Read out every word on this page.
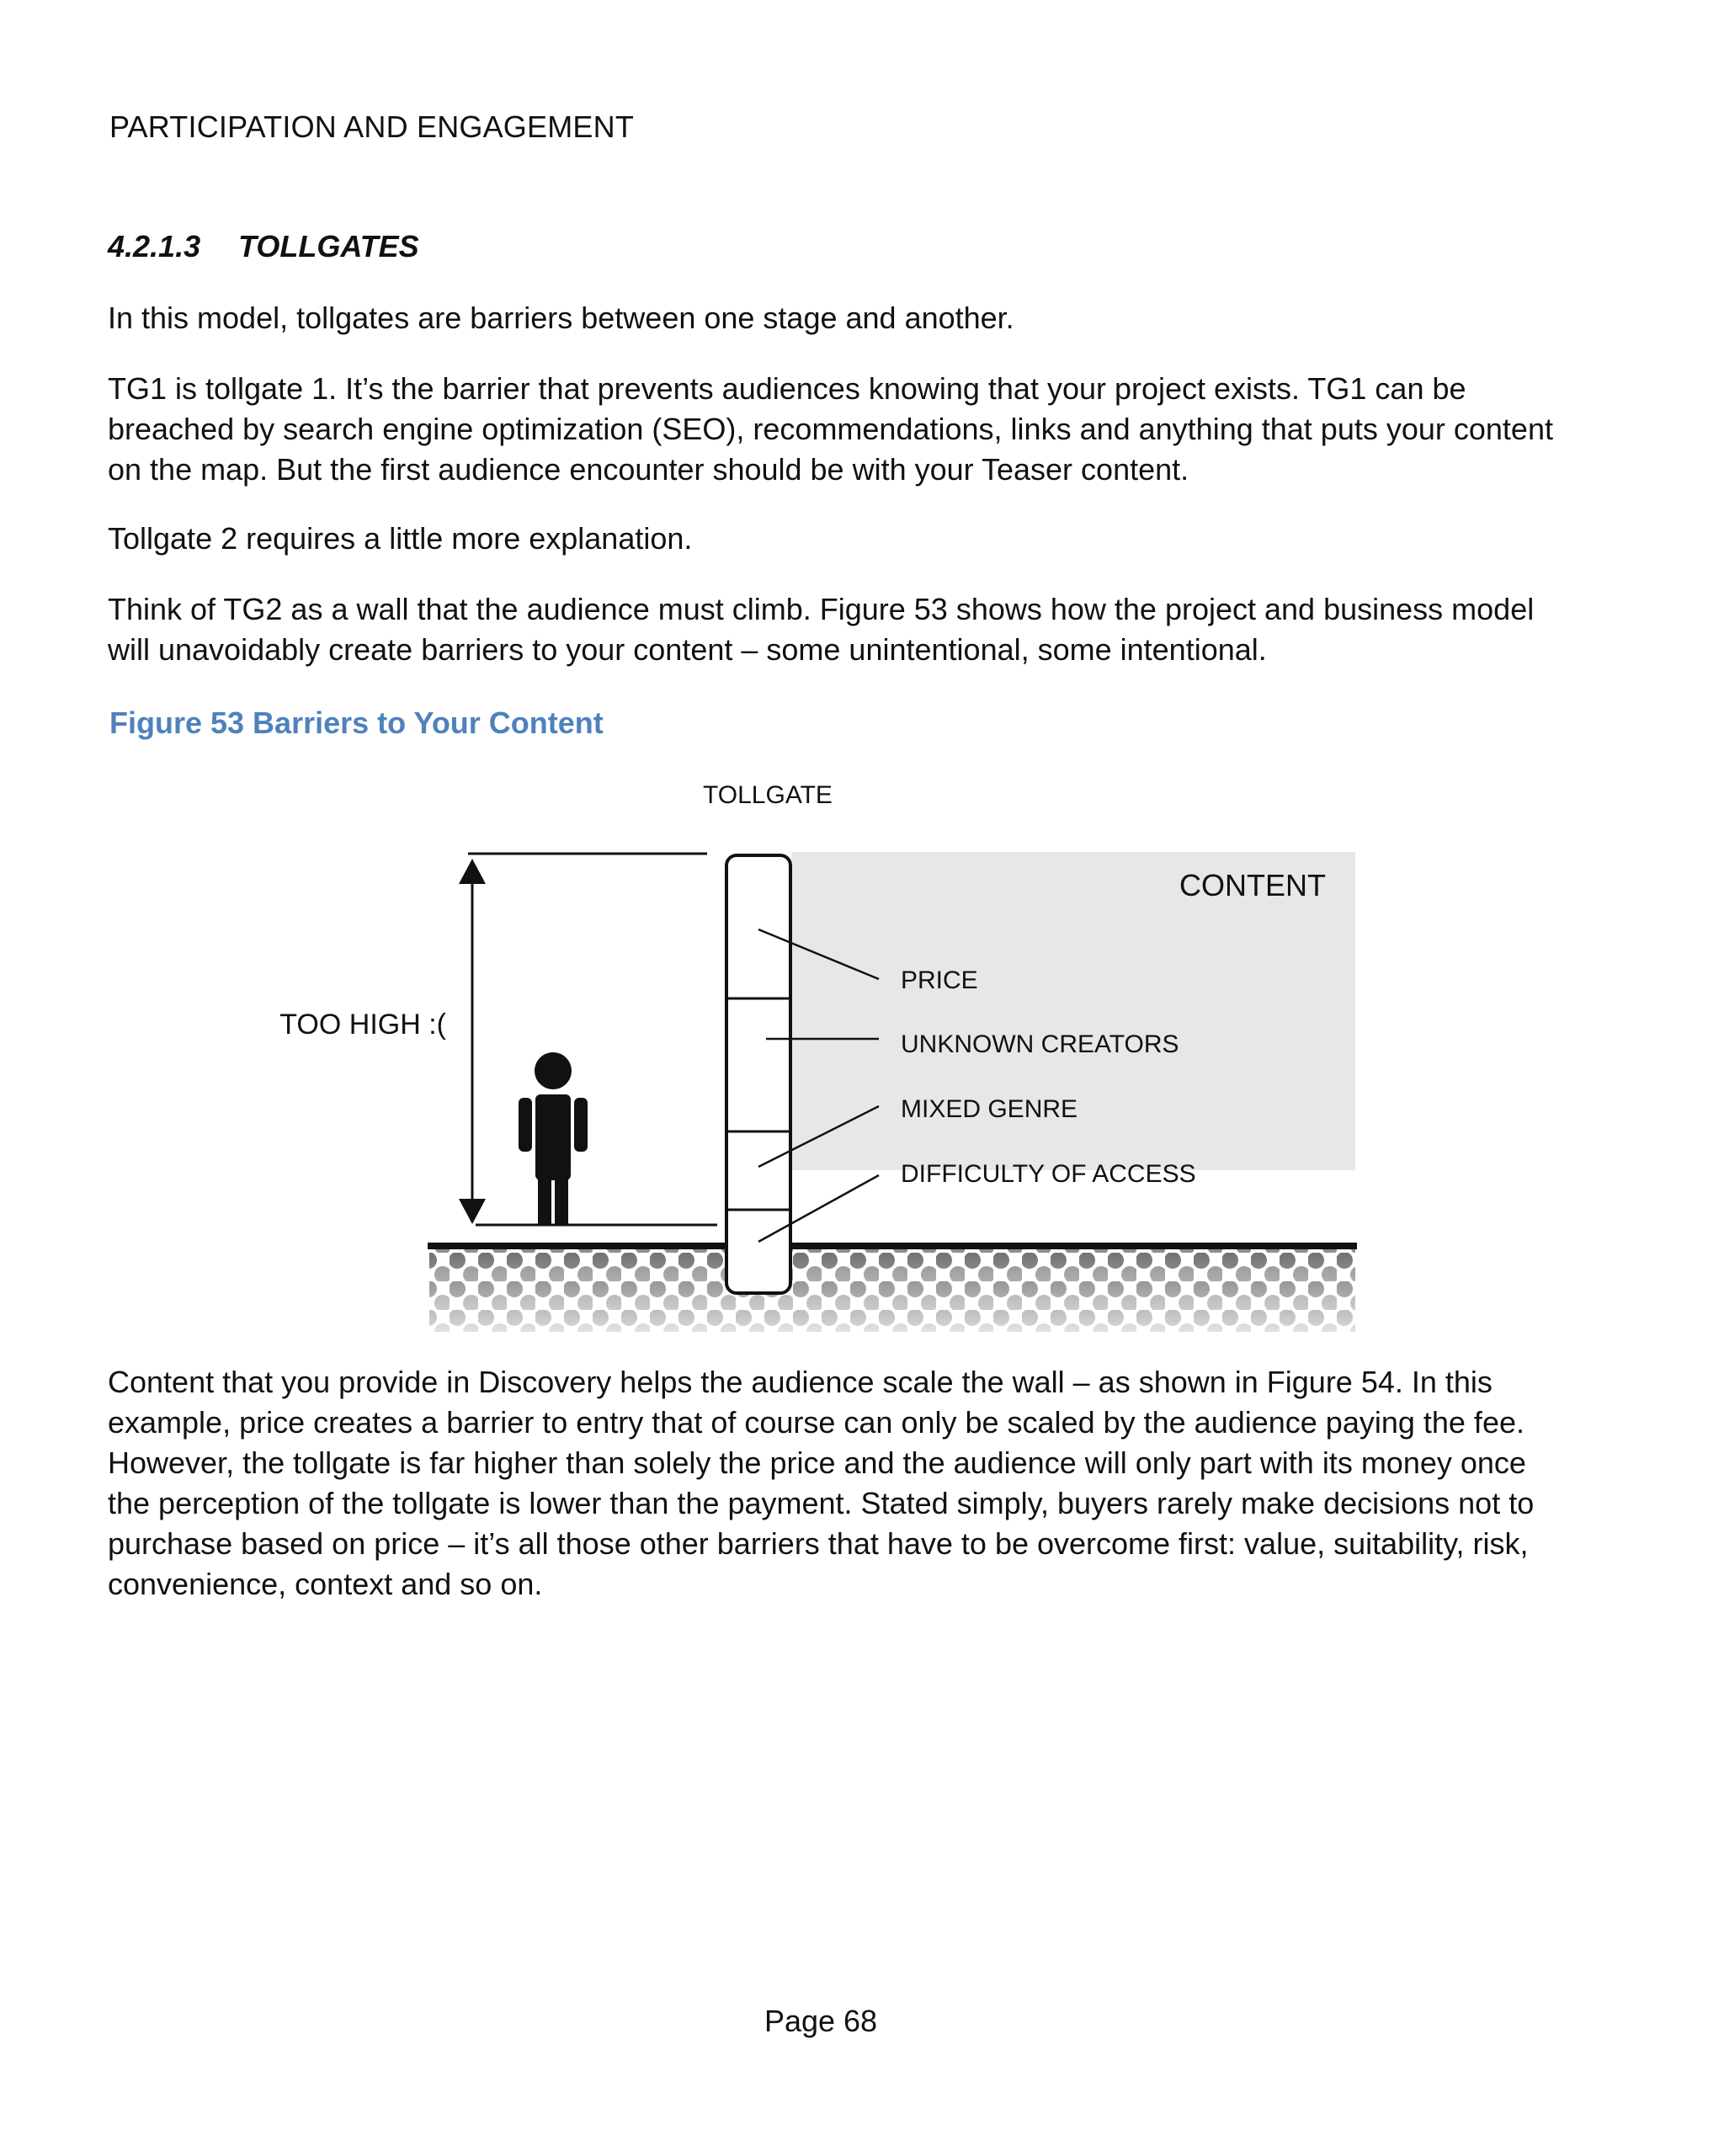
PARTICIPATION AND ENGAGEMENT
4.2.1.3 TOLLGATES

In this model, tollgates are barriers between one stage and another.

TG1 is tollgate 1. It’s the barrier that prevents audiences knowing that your project exists. TG1 can be breached by search engine optimization (SEO), recommendations, links and anything that puts your content on the map. But the first audience encounter should be with your Teaser content.

Tollgate 2 requires a little more explanation.

Think of TG2 as a wall that the audience must climb. Figure 53 shows how the project and business model will unavoidably create barriers to your content – some unintentional, some intentional.

Figure 53 Barriers to Your Content
TOLLGATE
CONTENT
TOO HIGH :(
PRICE
UNKNOWN CREATORS
MIXED GENRE
DIFFICULTY OF ACCESS

Content that you provide in Discovery helps the audience scale the wall – as shown in Figure 54. In this example, price creates a barrier to entry that of course can only be scaled by the audience paying the fee. However, the tollgate is far higher than solely the price and the audience will only part with its money once the perception of the tollgate is lower than the payment. Stated simply, buyers rarely make decisions not to purchase based on price – it’s all those other barriers that have to be overcome first: value, suitability, risk, convenience, context and so on.

Page 68
